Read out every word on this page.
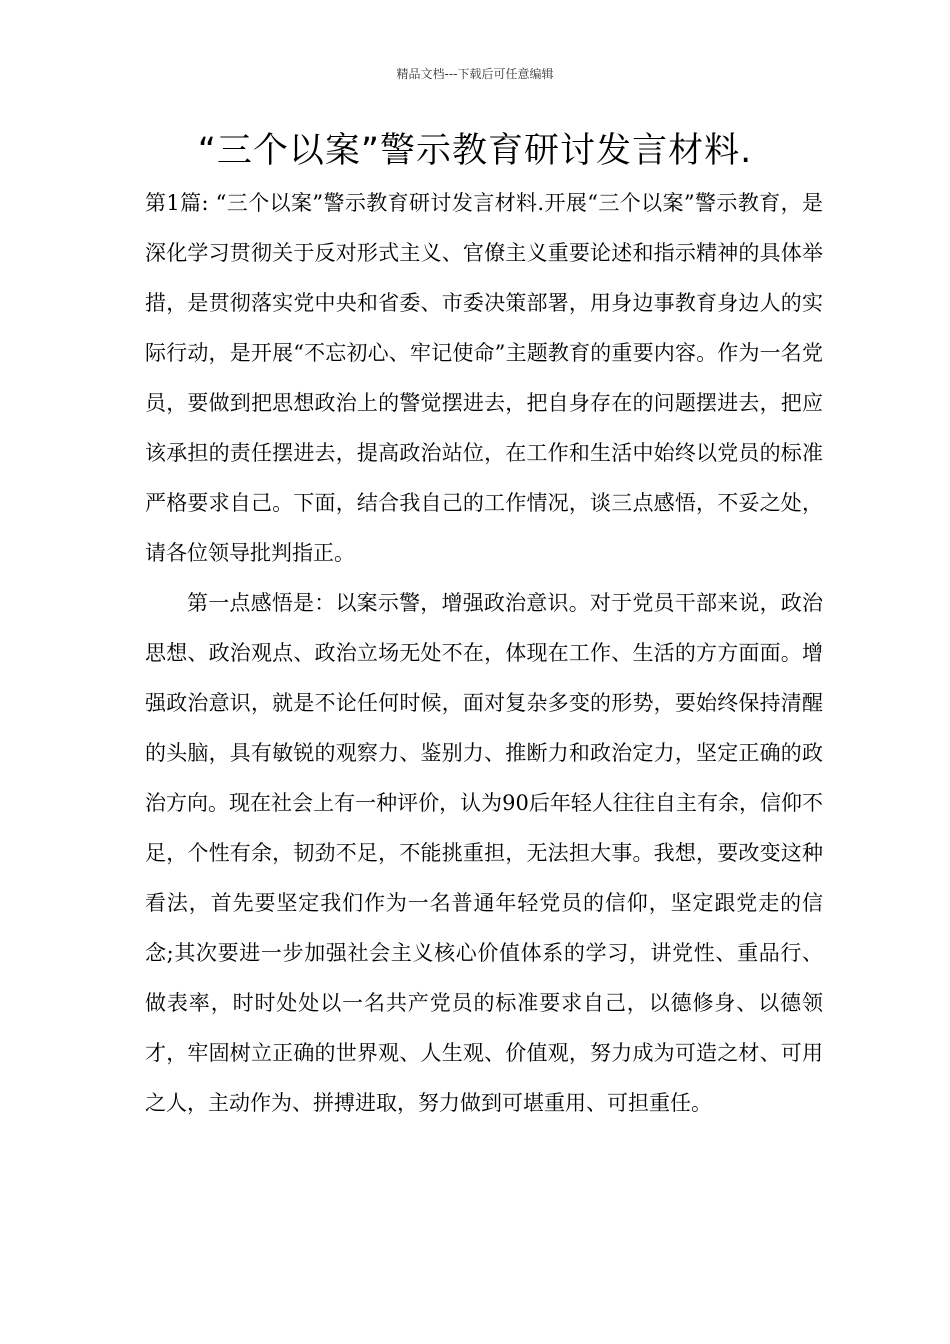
精品文档---下载后可任意编辑
“三个以案”警示教育研讨发言材料.

第1篇: “三个以案”警示教育研讨发言材料.开展“三个以案”警示教育，是深化学习贯彻关于反对形式主义、官僚主义重要论述和指示精神的具体举措，是贯彻落实党中央和省委、市委决策部署，用身边事教育身边人的实际行动，是开展“不忘初心、牢记使命”主题教育的重要内容。作为一名党员，要做到把思想政治上的警觉摆进去，把自身存在的问题摆进去，把应该承担的责任摆进去，提高政治站位，在工作和生活中始终以党员的标准严格要求自己。下面，结合我自己的工作情况，谈三点感悟，不妥之处，请各位领导批判指正。

第一点感悟是：以案示警，增强政治意识。对于党员干部来说，政治思想、政治观点、政治立场无处不在，体现在工作、生活的方方面面。增强政治意识，就是不论任何时候，面对复杂多变的形势，要始终保持清醒的头脑，具有敏锐的观察力、鉴别力、推断力和政治定力，坚定正确的政治方向。现在社会上有一种评价，认为90后年轻人往往自主有余，信仰不足，个性有余，韧劲不足，不能挑重担，无法担大事。我想，要改变这种看法，首先要坚定我们作为一名普通年轻党员的信仰，坚定跟党走的信念;其次要进一步加强社会主义核心价值体系的学习，讲党性、重品行、做表率，时时处处以一名共产党员的标准要求自己，以德修身、以德领才，牢固树立正确的世界观、人生观、价值观，努力成为可造之材、可用之人，主动作为、拼搏进取，努力做到可堪重用、可担重任。
